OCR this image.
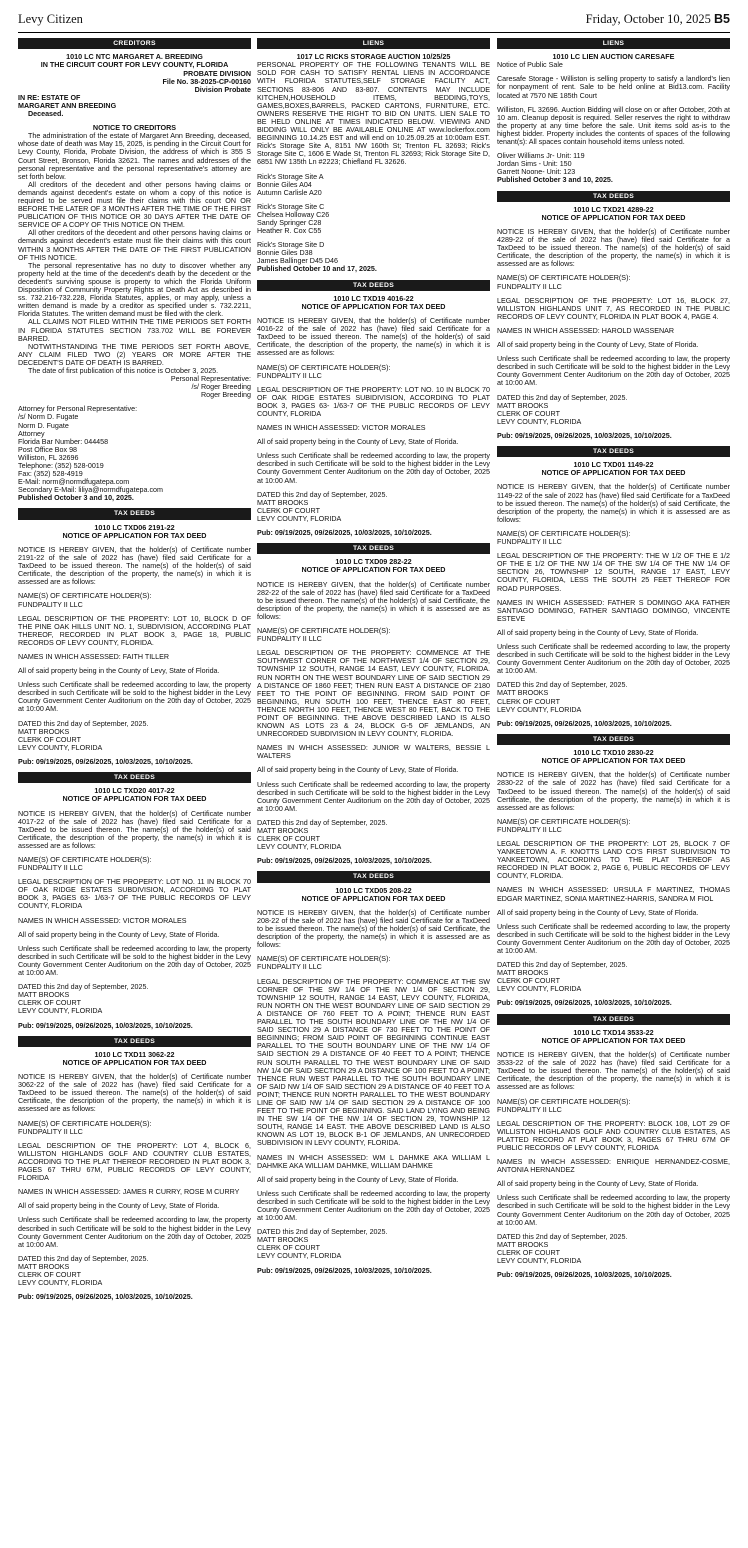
Levy Citizen	Friday, October 10, 2025 B5
CREDITORS
1010 LC NTC MARGARET A. BREEDING
IN THE CIRCUIT COURT FOR LEVY COUNTY, FLORIDA
PROBATE DIVISION
File No. 38-2025-CP-00160
Division Probate
IN RE: ESTATE OF
MARGARET ANN BREEDING
Deceased.
NOTICE TO CREDITORS

The administration of the estate of Margaret Ann Breeding, deceased, whose date of death was May 15, 2025, is pending in the Circuit Court for Levy County, Florida, Probate Division, the address of which is 355 S Court Street, Bronson, Florida 32621. The names and addresses of the personal representative and the personal representative's attorney are set forth below.

All creditors of the decedent and other persons having claims or demands against decedent's estate on whom a copy of this notice is required to be served must file their claims with this court ON OR BEFORE THE LATER OF 3 MONTHS AFTER THE TIME OF THE FIRST PUBLICATION OF THIS NOTICE OR 30 DAYS AFTER THE DATE OF SERVICE OF A COPY OF THIS NOTICE ON THEM.

All other creditors of the decedent and other persons having claims or demands against decedent's estate must file their claims with this court WITHIN 3 MONTHS AFTER THE DATE OF THE FIRST PUBLICATION OF THIS NOTICE.

The personal representative has no duty to discover whether any property held at the time of the decedent's death by the decedent or the decedent's surviving spouse is property to which the Florida Uniform Disposition of Community Property Rights at Death Act as described in ss. 732.216-732.228, Florida Statutes, applies, or may apply, unless a written demand is made by a creditor as specified under s. 732.2211, Florida Statutes. The written demand must be filed with the clerk.

ALL CLAIMS NOT FILED WITHIN THE TIME PERIODS SET FORTH IN FLORIDA STATUTES SECTION 733.702 WILL BE FOREVER BARRED.

NOTWITHSTANDING THE TIME PERIODS SET FORTH ABOVE, ANY CLAIM FILED TWO (2) YEARS OR MORE AFTER THE DECEDENT'S DATE OF DEATH IS BARRED.

The date of first publication of this notice is October 3, 2025.

Personal Representative:
/s/ Roger Breeding
Roger Breeding
Attorney for Personal Representative:
/s/ Norm D. Fugate
Norm D. Fugate
Attorney
Florida Bar Number: 044458
Post Office Box 98
Williston, FL 32696
Telephone: (352) 528-0019
Fax: (352) 528-4919
E-Mail: norm@normdfugatepa.com
Secondary E-Mail: liliya@normdfugatepa.com
Published October 3 and 10, 2025.
TAX DEEDS
1010 LC TXD06 2191-22
NOTICE OF APPLICATION FOR TAX DEED

NOTICE IS HEREBY GIVEN, that the holder(s) of Certificate number 2191-22 of the sale of 2022 has (have) filed said Certificate for a TaxDeed to be issued thereon. The name(s) of the holder(s) of said Certificate, the description of the property, the name(s) in which it is assessed are as follows:

NAME(S) OF CERTIFICATE HOLDER(S):

FUNDPALITY II LLC

LEGAL DESCRIPTION OF THE PROPERTY: LOT 10, BLOCK D OF THE PINE OAK HILLS UNIT NO. 1, SUBDIVISION, ACCORDING PLAT THEREOF, RECORDED IN PLAT BOOK 3, PAGE 18, PUBLIC RECORDS OF LEVY COUNTY, FLORIDA.

NAMES IN WHICH ASSESSED: FAITH TILLER

All of said property being in the County of Levy, State of Florida.

Unless such Certificate shall be redeemed according to law, the property described in such Certificate will be sold to the highest bidder in the Levy County Government Center Auditorium on the 20th day of October, 2025 at 10:00 AM.

DATED this 2nd day of September, 2025.
MATT BROOKS
CLERK OF COURT
LEVY COUNTY, FLORIDA
Pub: 09/19/2025, 09/26/2025, 10/03/2025, 10/10/2025.
TAX DEEDS
1010 LC TXD20 4017-22
NOTICE OF APPLICATION FOR TAX DEED

NOTICE IS HEREBY GIVEN, that the holder(s) of Certificate number 4017-22 of the sale of 2022 has (have) filed said Certificate for a TaxDeed to be issued thereon. The name(s) of the holder(s) of said Certificate, the description of the property, the name(s) in which it is assessed are as follows:

NAME(S) OF CERTIFICATE HOLDER(S):

FUNDPALITY II LLC

LEGAL DESCRIPTION OF THE PROPERTY: LOT NO. 11 IN BLOCK 70 OF OAK RIDGE ESTATES SUBDIVISION, ACCORDING TO PLAT BOOK 3, PAGES 63- 1/63-7 OF THE PUBLIC RECORDS OF LEVY COUNTY, FLORIDA

NAMES IN WHICH ASSESSED: VICTOR MORALES

All of said property being in the County of Levy, State of Florida.

Unless such Certificate shall be redeemed according to law, the property described in such Certificate will be sold to the highest bidder in the Levy County Government Center Auditorium on the 20th day of October, 2025 at 10:00 AM.

DATED this 2nd day of September, 2025.
MATT BROOKS
CLERK OF COURT
LEVY COUNTY, FLORIDA
Pub: 09/19/2025, 09/26/2025, 10/03/2025, 10/10/2025.
TAX DEEDS
1010 LC TXD11 3062-22
NOTICE OF APPLICATION FOR TAX DEED

NOTICE IS HEREBY GIVEN, that the holder(s) of Certificate number 3062-22 of the sale of 2022 has (have) filed said Certificate for a TaxDeed to be issued thereon. The name(s) of the holder(s) of said Certificate, the description of the property, the name(s) in which it is assessed are as follows:

NAME(S) OF CERTIFICATE HOLDER(S):

FUNDPALITY II LLC

LEGAL DESCRIPTION OF THE PROPERTY: LOT 4, BLOCK 6, WILLISTON HIGHLANDS GOLF AND COUNTRY CLUB ESTATES, ACCORDING TO THE PLAT THEREOF RECORDED IN PLAT BOOK 3, PAGES 67 THRU 67M, PUBLIC RECORDS OF LEVY COUNTY, FLORIDA

NAMES IN WHICH ASSESSED: JAMES R CURRY, ROSE M CURRY

All of said property being in the County of Levy, State of Florida.

Unless such Certificate shall be redeemed according to law, the property described in such Certificate will be sold to the highest bidder in the Levy County Government Center Auditorium on the 20th day of October, 2025 at 10:00 AM.

DATED this 2nd day of September, 2025.
MATT BROOKS
CLERK OF COURT
LEVY COUNTY, FLORIDA
Pub: 09/19/2025, 09/26/2025, 10/03/2025, 10/10/2025.
LIENS
1017 LC RICKS STORAGE AUCTION 10/25/25

PERSONAL PROPERTY OF THE FOLLOWING TENANTS WILL BE SOLD FOR CASH TO SATISFY RENTAL LIENS IN ACCORDANCE WITH FLORIDA STATUTES,SELF STORAGE FACILITY ACT, SECTIONS 83-806 AND 83-807. CONTENTS MAY INCLUDE KITCHEN,HOUSEHOLD ITEMS, BEDDING,TOYS, GAMES,BOXES,BARRELS, PACKED CARTONS, FURNITURE, ETC. OWNERS RESERVE THE RIGHT TO BID ON UNITS. LIEN SALE TO BE HELD ONLINE AT TIMES INDICATED BELOW. VIEWING AND BIDDING WILL ONLY BE AVAILABLE ONLINE AT www.lockerfox.com BEGINNING 10.14.25 EST and will end on 10.25.09.25 at 10:00am EST. Rick's Storage Site A, 8151 NW 160th St; Trenton FL 32693; Rick's Storage Site C, 1606 E Wade St, Trenton FL 32693; Rick Storage Site D, 6851 NW 135th Ln #2223; Chiefland FL 32626.

Rick's Storage Site A
Bonnie Giles A04
Autumn Carlisle A20
Rick's Storage Site C
Chelsea Holloway C26
Sandy Springer C28
Heather R. Cox C55
Rick's Storage Site D
Bonnie Giles D38
James Ballinger D45 D46
Published October 10 and 17, 2025.
TAX DEEDS
1010 LC TXD19 4016-22
NOTICE OF APPLICATION FOR TAX DEED

NOTICE IS HEREBY GIVEN, that the holder(s) of Certificate number 4016-22 of the sale of 2022 has (have) filed said Certificate for a TaxDeed to be issued thereon. The name(s) of the holder(s) of said Certificate, the description of the property, the name(s) in which it is assessed are as follows:

NAME(S) OF CERTIFICATE HOLDER(S):

FUNDPALITY II LLC

LEGAL DESCRIPTION OF THE PROPERTY: LOT NO. 10 IN BLOCK 70 OF OAK RIDGE ESTATES SUBIDIVISION, ACCORDING TO PLAT BOOK 3, PAGES 63- 1/63-7 OF THE PUBLIC RECORDS OF LEVY COUNTY, FLORIDA

NAMES IN WHICH ASSESSED: VICTOR MORALES

All of said property being in the County of Levy, State of Florida.

Unless such Certificate shall be redeemed according to law, the property described in such Certificate will be sold to the highest bidder in the Levy County Government Center Auditorium on the 20th day of October, 2025 at 10:00 AM.

DATED this 2nd day of September, 2025.
MATT BROOKS
CLERK OF COURT
LEVY COUNTY, FLORIDA
Pub: 09/19/2025, 09/26/2025, 10/03/2025, 10/10/2025.
TAX DEEDS
1010 LC TXD09 282-22
NOTICE OF APPLICATION FOR TAX DEED

NOTICE IS HEREBY GIVEN, that the holder(s) of Certificate number 282-22 of the sale of 2022 has (have) filed said Certificate for a TaxDeed to be issued thereon. The name(s) of the holder(s) of said Certificate, the description of the property, the name(s) in which it is assessed are as follows:

NAME(S) OF CERTIFICATE HOLDER(S):

FUNDPALITY II LLC

LEGAL DESCRIPTION OF THE PROPERTY: COMMENCE AT THE SOUTHWEST CORNER OF THE NORTHWEST 1/4 OF SECTION 29, TOWNSHIP 12 SOUTH, RANGE 14 EAST, LEVY COUNTY, FLORIDA. RUN NORTH ON THE WEST BOUNDARY LINE OF SAID SECTION 29 A DISTANCE OF 1860 FEET; THEN RUN EAST A DISTANCE OF 2180 FEET TO THE POINT OF BEGINNING. FROM SAID POINT OF BEGINNING, RUN SOUTH 100 FEET, THENCE EAST 80 FEET, THENCE NORTH 100 FEET, THENCE WEST 80 FEET, BACK TO THE POINT OF BEGINNING. THE ABOVE DESCRIBED LAND IS ALSO KNOWN AS LOTS 23 & 24, BLOCK G-5 OF JEMLANDS, AN UNRECORDED SUBDIVISION IN LEVY COUNTY, FLORIDA.

NAMES IN WHICH ASSESSED: JUNIOR W WALTERS, BESSIE L WALTERS

All of said property being in the County of Levy, State of Florida.

Unless such Certificate shall be redeemed according to law, the property described in such Certificate will be sold to the highest bidder in the Levy County Government Center Auditorium on the 20th day of October, 2025 at 10:00 AM.

DATED this 2nd day of September, 2025.
MATT BROOKS
CLERK OF COURT
LEVY COUNTY, FLORIDA
Pub: 09/19/2025, 09/26/2025, 10/03/2025, 10/10/2025.
TAX DEEDS
1010 LC TXD05 208-22
NOTICE OF APPLICATION FOR TAX DEED

NOTICE IS HEREBY GIVEN, that the holder(s) of Certificate number 208-22 of the sale of 2022 has (have) filed said Certificate for a TaxDeed to be issued thereon. The name(s) of the holder(s) of said Certificate, the description of the property, the name(s) in which it is assessed are as follows:

NAME(S) OF CERTIFICATE HOLDER(S):

FUNDPALITY II LLC

LEGAL DESCRIPTION OF THE PROPERTY: COMMENCE AT THE SW CORNER OF THE SW 1/4 OF THE NW 1/4 OF SECTION 29, TOWNSHIP 12 SOUTH, RANGE 14 EAST, LEVY COUNTY, FLORIDA, RUN NORTH ON THE WEST BOUNDARY LINE OF SAID SECTION 29 A DISTANCE OF 760 FEET TO A POINT; THENCE RUN EAST PARALLEL TO THE SOUTH BOUNDARY LINE OF THE NW 1/4 OF SAID SECTION 29 A DISTANCE OF 730 FEET TO THE POINT OF BEGINNING; FROM SAID POINT OF BEGINNING CONTINUE EAST PARALLEL TO THE SOUTH BOUNDARY LINE OF THE NW 1/4 OF SAID SECTION 29 A DISTANCE OF 40 FEET TO A POINT; THENCE RUN SOUTH PARALLEL TO THE WEST BOUNDARY LINE OF SAID NW 1/4 OF SAID SECTION 29 A DISTANCE OF 100 FEET TO A POINT; THENCE RUN WEST PARALLEL TO THE SOUTH BOUNDARY LINE OF SAID NW 1/4 OF SAID SECTION 29 A DISTANCE OF 40 FEET TO A POINT; THENCE RUN NORTH PARALLEL TO THE WEST BOUNDARY LINE OF SAID NW 1/4 OF SAID SECTION 29 A DISTANCE OF 100 FEET TO THE POINT OF BEGINNING. SAID LAND LYING AND BEING IN THE SW 1/4 OF THE NW 1/4 OF SECTION 29, TOWNSHIP 12 SOUTH, RANGE 14 EAST. THE ABOVE DESCRIBED LAND IS ALSO KNOWN AS LOT 19, BLOCK B-1 OF JEMLANDS, AN UNRECORDED SUBDIVISION IN LEVY COUNTY, FLORIDA.

NAMES IN WHICH ASSESSED: WM L DAHMKE AKA WILLIAM L DAHMKE AKA WILLIAM DAHMKE, WILLIAM DAHMKE

All of said property being in the County of Levy, State of Florida.

Unless such Certificate shall be redeemed according to law, the property described in such Certificate will be sold to the highest bidder in the Levy County Government Center Auditorium on the 20th day of October, 2025 at 10:00 AM.

DATED this 2nd day of September, 2025.
MATT BROOKS
CLERK OF COURT
LEVY COUNTY, FLORIDA
Pub: 09/19/2025, 09/26/2025, 10/03/2025, 10/10/2025.
LIENS
1010 LC LIEN AUCTION CARESAFE

Notice of Public Sale

Caresafe Storage - Williston is selling property to satisfy a landlord's lien for nonpayment of rent. Sale to be held online at Bid13.com. Facility located at 7570 NE 185th Court

Williston, FL 32696. Auction Bidding will close on or after October, 20th at 10 am. Cleanup deposit is required. Seller reserves the right to withdraw the property at any time before the sale. Unit items sold as-is to the highest bidder. Property includes the contents of spaces of the following tenant(s): All spaces contain household items unless noted.

Oliver Williams Jr- Unit: 119
Jordan Sims - Unit: 150
Garrett Noone- Unit: 123
Published October 3 and 10, 2025.
TAX DEEDS
1010 LC TXD21 4289-22
NOTICE OF APPLICATION FOR TAX DEED

NOTICE IS HEREBY GIVEN, that the holder(s) of Certificate number 4289-22 of the sale of 2022 has (have) filed said Certificate for a TaxDeed to be issued thereon. The name(s) of the holder(s) of said Certificate, the description of the property, the name(s) in which it is assessed are as follows:

NAME(S) OF CERTIFICATE HOLDER(S):

FUNDPALITY II LLC

LEGAL DESCRIPTION OF THE PROPERTY: LOT 16, BLOCK 27, WILLISTON HIGHLANDS UNIT 7, AS RECORDED IN THE PUBLIC RECORDS OF LEVY COUNTY, FLORIDA IN PLAT BOOK 4, PAGE 4.

NAMES IN WHICH ASSESSED: HAROLD WASSENAR

All of said property being in the County of Levy, State of Florida.

Unless such Certificate shall be redeemed according to law, the property described in such Certificate will be sold to the highest bidder in the Levy County Government Center Auditorium on the 20th day of October, 2025 at 10:00 AM.

DATED this 2nd day of September, 2025.
MATT BROOKS
CLERK OF COURT
LEVY COUNTY, FLORIDA
Pub: 09/19/2025, 09/26/2025, 10/03/2025, 10/10/2025.
TAX DEEDS
1010 LC TXD01 1149-22
NOTICE OF APPLICATION FOR TAX DEED

NOTICE IS HEREBY GIVEN, that the holder(s) of Certificate number 1149-22 of the sale of 2022 has (have) filed said Certificate for a TaxDeed to be issued thereon. The name(s) of the holder(s) of said Certificate, the description of the property, the name(s) in which it is assessed are as follows:

NAME(S) OF CERTIFICATE HOLDER(S):

FUNDPALITY II LLC

LEGAL DESCRIPTION OF THE PROPERTY: THE W 1/2 OF THE E 1/2 OF THE E 1/2 OF THE NW 1/4 OF THE SW 1/4 OF THE NW 1/4 OF SECTION 26, TOWNSHIP 12 SOUTH, RANGE 17 EAST, LEVY COUNTY, FLORIDA, LESS THE SOUTH 25 FEET THEREOF FOR ROAD PURPOSES.

NAMES IN WHICH ASSESSED: FATHER S DOMINGO AKA FATHER SANTIAGO DOMINGO, FATHER SANTIAGO DOMINGO, VINCENTE ESTEVE

All of said property being in the County of Levy, State of Florida.

Unless such Certificate shall be redeemed according to law, the property described in such Certificate will be sold to the highest bidder in the Levy County Government Center Auditorium on the 20th day of October, 2025 at 10:00 AM.

DATED this 2nd day of September, 2025.
MATT BROOKS
CLERK OF COURT
LEVY COUNTY, FLORIDA
Pub: 09/19/2025, 09/26/2025, 10/03/2025, 10/10/2025.
TAX DEEDS
1010 LC TXD10 2830-22
NOTICE OF APPLICATION FOR TAX DEED

NOTICE IS HEREBY GIVEN, that the holder(s) of Certificate number 2830-22 of the sale of 2022 has (have) filed said Certificate for a TaxDeed to be issued thereon. The name(s) of the holder(s) of said Certificate, the description of the property, the name(s) in which it is assessed are as follows:

NAME(S) OF CERTIFICATE HOLDER(S):

FUNDPALITY II LLC

LEGAL DESCRIPTION OF THE PROPERTY: LOT 25, BLOCK 7 OF YANKEETOWN A. F. KNOTTS LAND CO'S FIRST SUBDIVISION TO YANKEETOWN, ACCORDING TO THE PLAT THEREOF AS RECORDED IN PLAT BOOK 2, PAGE 6, PUBLIC RECORDS OF LEVY COUNTY, FLORIDA.

NAMES IN WHICH ASSESSED: URSULA F MARTINEZ, THOMAS EDGAR MARTINEZ, SONIA MARTINEZ-HARRIS, SANDRA M FIOL

All of said property being in the County of Levy, State of Florida.

Unless such Certificate shall be redeemed according to law, the property described in such Certificate will be sold to the highest bidder in the Levy County Government Center Auditorium on the 20th day of October, 2025 at 10:00 AM.

DATED this 2nd day of September, 2025.
MATT BROOKS
CLERK OF COURT
LEVY COUNTY, FLORIDA
Pub: 09/19/2025, 09/26/2025, 10/03/2025, 10/10/2025.
TAX DEEDS
1010 LC TXD14 3533-22
NOTICE OF APPLICATION FOR TAX DEED

NOTICE IS HEREBY GIVEN, that the holder(s) of Certificate number 3533-22 of the sale of 2022 has (have) filed said Certificate for a TaxDeed to be issued thereon. The name(s) of the holder(s) of said Certificate, the description of the property, the name(s) in which it is assessed are as follows:

NAME(S) OF CERTIFICATE HOLDER(S):

FUNDPALITY II LLC

LEGAL DESCRIPTION OF THE PROPERTY: BLOCK 108, LOT 29 OF WILLISTON HIGHLANDS GOLF AND COUNTRY CLUB ESTATES, AS PLATTED RECORD AT PLAT BOOK 3, PAGES 67 THRU 67M OF PUBLIC RECORDS OF LEVY COUNTY, FLORIDA

NAMES IN WHICH ASSESSED: ENRIQUE HERNANDEZ-COSME, ANTONIA HERNANDEZ

All of said property being in the County of Levy, State of Florida.

Unless such Certificate shall be redeemed according to law, the property described in such Certificate will be sold to the highest bidder in the Levy County Government Center Auditorium on the 20th day of October, 2025 at 10:00 AM.

DATED this 2nd day of September, 2025.
MATT BROOKS
CLERK OF COURT
LEVY COUNTY, FLORIDA
Pub: 09/19/2025, 09/26/2025, 10/03/2025, 10/10/2025.
